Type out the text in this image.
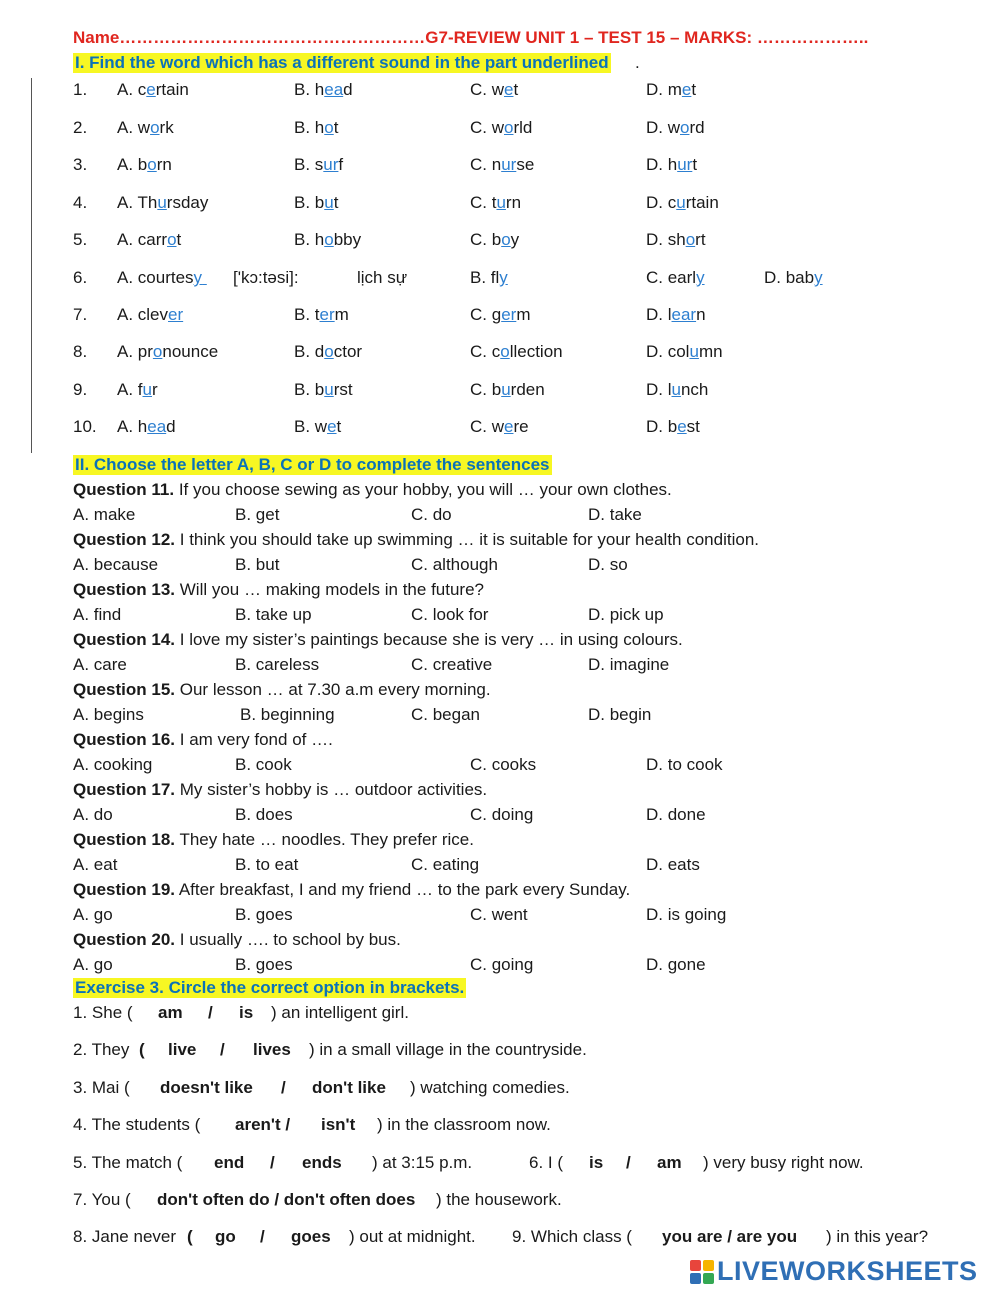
Name………………………………………………G7-REVIEW UNIT 1 – TEST 15 – MARKS: ………………..
I. Find the word which has a different sound in the part underlined .
1. A. certain	B. head	C. wet	D. met
2. A. work	B. hot	C. world	D. word
3. A. born	B. surf	C. nurse	D. hurt
4. A. Thursday	B. but	C. turn	D. curtain
5. A. carrot	B. hobby	C. boy	D. short
7. A. clever	B. term	C. germ	D. learn
8. A. pronounce	B. doctor	C. collection	D. column
9. A. fur	B. burst	C. burden	D. lunch
10. A. head	B. wet	C. were	D. best
6. A. courtesy ['kɔ:təsi]:	lịch sự	B. fly	C. early	D. baby
II. Choose the letter A, B, C or D to complete the sentences
Question 11. If you choose sewing as your hobby, you will … your own clothes.
A. make	B. get	C. do	D. take
Question 12. I think you should take up swimming … it is suitable for your health condition.
A. because	B. but	C. although	D. so
Question 13. Will you … making models in the future?
A. find	B. take up	C. look for	D. pick up
Question 14. I love my sister’s paintings because she is very … in using colours.
A. care	B. careless	C. creative	D. imagine
Question 15. Our lesson … at 7.30 a.m every morning.
A. begins	B. beginning	C. began	D. begin
Question 16. I am very fond of ….
A. cooking	B. cook	C. cooks	D. to cook
Question 17. My sister’s hobby is … outdoor activities.
A. do	B. does	C. doing	D. done
Question 18. They hate … noodles. They prefer rice.
A. eat	B. to eat	C. eating	D. eats
Question 19. After breakfast, I and my friend … to the park every Sunday.
A. go	B. goes	C. went	D. is going
Question 20. I usually …. to school by bus.
A. go	B. goes	C. going	D. gone
Exercise 3. Circle the correct option in brackets.
1. She ( am / is ) an intelligent girl.
2. They ( live / lives ) in a small village in the countryside.
3. Mai ( doesn't like / don't like ) watching comedies.
4. The students ( aren't / isn't ) in the classroom now.
5. The match ( end / ends ) at 3:15 p.m.	6. I ( is / am ) very busy right now.
7. You ( don't often do / don't often does ) the housework.
8. Jane never ( go / goes ) out at midnight. 9. Which class ( you are / are you ) in this year?
LIVEWORKSHEETS
